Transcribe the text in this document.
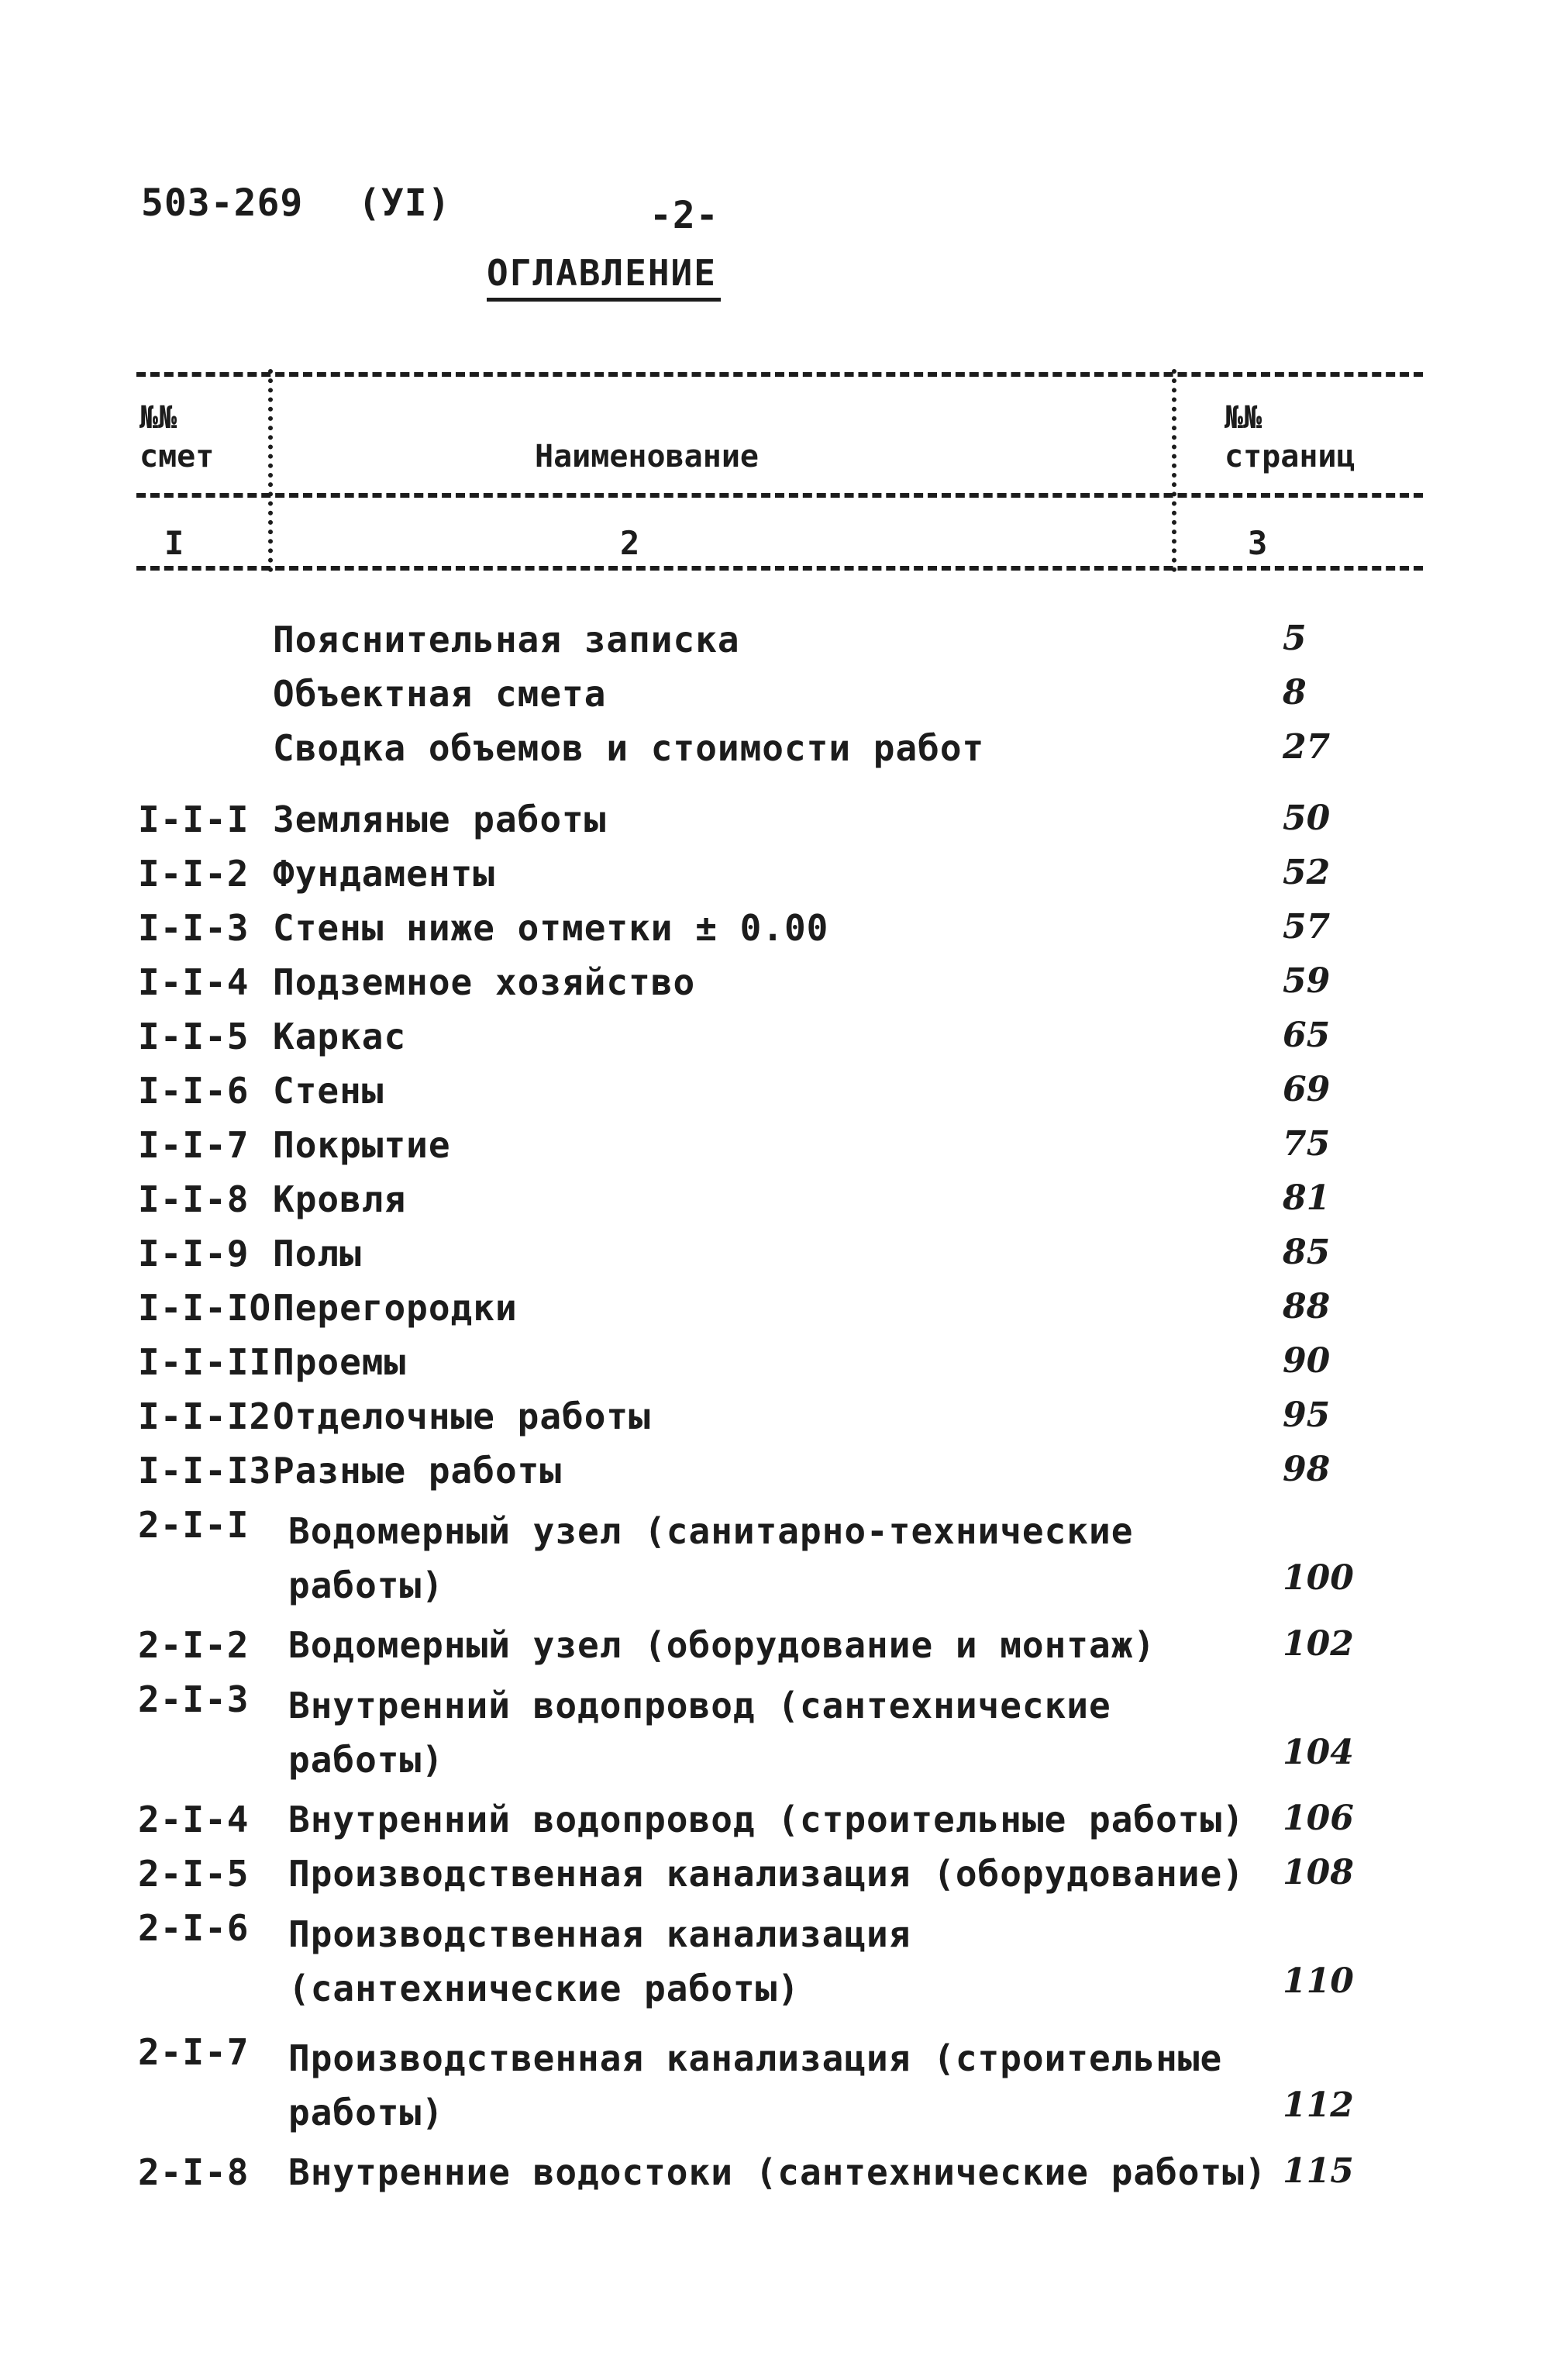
503-269 (УI)	-2-
ОГЛАВЛЕНИЕ
№№
смет	Наименование
№№
страниц
I	2	3
Пояснительная записка	5
Объектная смета	8
Сводка объемов и стоимости работ	27
I-I-I Земляные работы	50
I-I-2 Фундаменты	52
I-I-3 Стены ниже отметки ± 0.00	57
I-I-4 Подземное хозяйство	59
I-I-5 Каркас	65
I-I-6 Стены	69
I-I-7 Покрытие	75
I-I-8 Кровля	81
I-I-9 Полы	85
I-I-IO Перегородки	88
I-I-II Проемы	90
I-I-I2 Отделочные работы	95
I-I-I3 Разные работы	98
2-I-I Водомерный узел (санитарно-технические работы)	100
2-I-2 Водомерный узел (оборудование и монтаж)	102
2-I-3 Внутренний водопровод (сантехнические работы)	104
2-I-4 Внутренний водопровод (строительные работы) 106
2-I-5 Производственная канализация (оборудование) 108
2-I-6 Производственная канализация (сантехнические работы)	110
2-I-7 Производственная канализация (строительные работы)	112
2-I-8 Внутренние водостоки (сантехнические работы) 115
